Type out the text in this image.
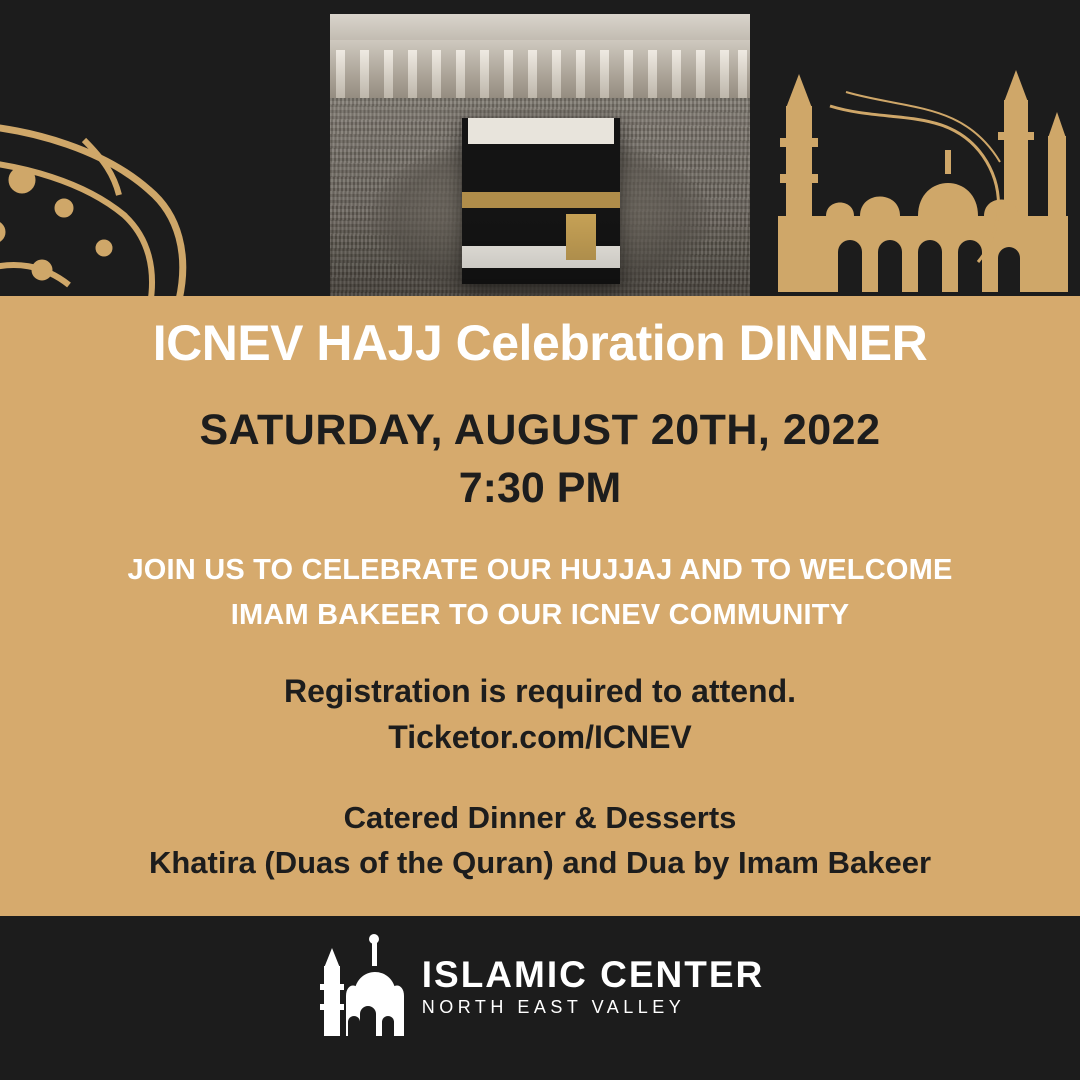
ICNEV HAJJ Celebration DINNER
SATURDAY, AUGUST 20TH, 2022
7:30 PM
JOIN US TO CELEBRATE OUR HUJJAJ AND TO WELCOME
IMAM BAKEER TO OUR ICNEV COMMUNITY
Registration is required to attend.
Ticketor.com/ICNEV
Catered Dinner & Desserts
Khatira (Duas of the Quran) and Dua by Imam Bakeer
ISLAMIC CENTER
NORTH EAST VALLEY
